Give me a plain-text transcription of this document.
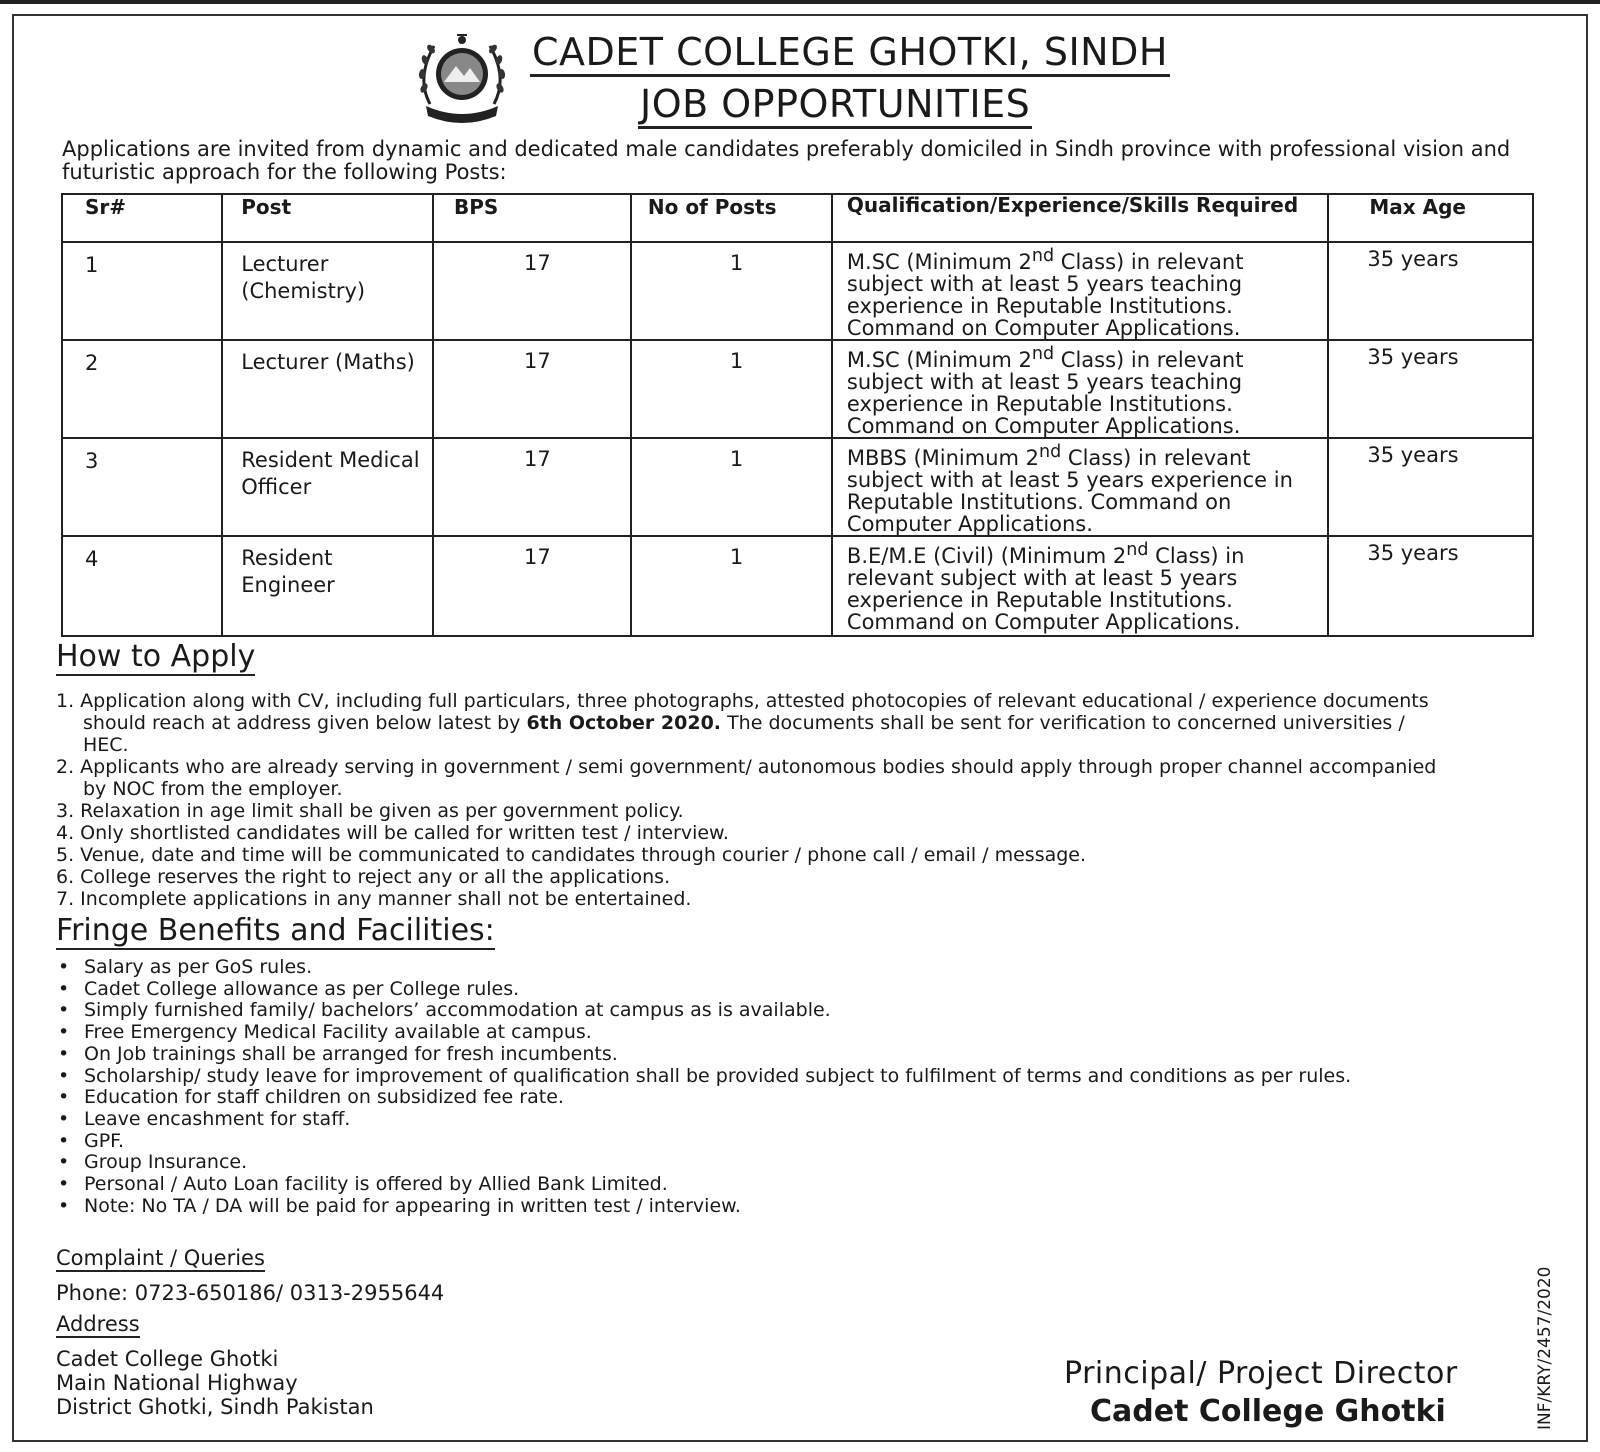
CADET COLLEGE GHOTKI, SINDH
JOB OPPORTUNITIES
Applications are invited from dynamic and dedicated male candidates preferably domiciled in Sindh province with professional vision and futuristic approach for the following Posts:
Sr#	Post	BPS	No of Posts	Qualification/Experience/Skills Required	Max Age
1	Lecturer (Chemistry)	17	1	M.SC (Minimum 2nd Class) in relevant subject with at least 5 years teaching experience in Reputable Institutions. Command on Computer Applications.	35 years
2	Lecturer (Maths)	17	1	M.SC (Minimum 2nd Class) in relevant subject with at least 5 years teaching experience in Reputable Institutions. Command on Computer Applications.	35 years
3	Resident Medical Officer	17	1	MBBS (Minimum 2nd Class) in relevant subject with at least 5 years experience in Reputable Institutions. Command on Computer Applications.	35 years
4	Resident Engineer	17	1	B.E/M.E (Civil) (Minimum 2nd Class) in relevant subject with at least 5 years experience in Reputable Institutions. Command on Computer Applications.	35 years
How to Apply
1. Application along with CV, including full particulars, three photographs, attested photocopies of relevant educational / experience documents should reach at address given below latest by 6th October 2020. The documents shall be sent for verification to concerned universities / HEC.
2. Applicants who are already serving in government / semi government/ autonomous bodies should apply through proper channel accompanied by NOC from the employer.
3. Relaxation in age limit shall be given as per government policy.
4. Only shortlisted candidates will be called for written test / interview.
5. Venue, date and time will be communicated to candidates through courier / phone call / email / message.
6. College reserves the right to reject any or all the applications.
7. Incomplete applications in any manner shall not be entertained.
Fringe Benefits and Facilities:
• Salary as per GoS rules.
• Cadet College allowance as per College rules.
• Simply furnished family/ bachelors’ accommodation at campus as is available.
• Free Emergency Medical Facility available at campus.
• On Job trainings shall be arranged for fresh incumbents.
• Scholarship/ study leave for improvement of qualification shall be provided subject to fulfilment of terms and conditions as per rules.
• Education for staff children on subsidized fee rate.
• Leave encashment for staff.
• GPF.
• Group Insurance.
• Personal / Auto Loan facility is offered by Allied Bank Limited.
• Note: No TA / DA will be paid for appearing in written test / interview.
Complaint / Queries
Phone: 0723-650186/ 0313-2955644
Address
Cadet College Ghotki
Main National Highway
District Ghotki, Sindh Pakistan
Principal/ Project Director
Cadet College Ghotki	INF/KRY/2457/2020
